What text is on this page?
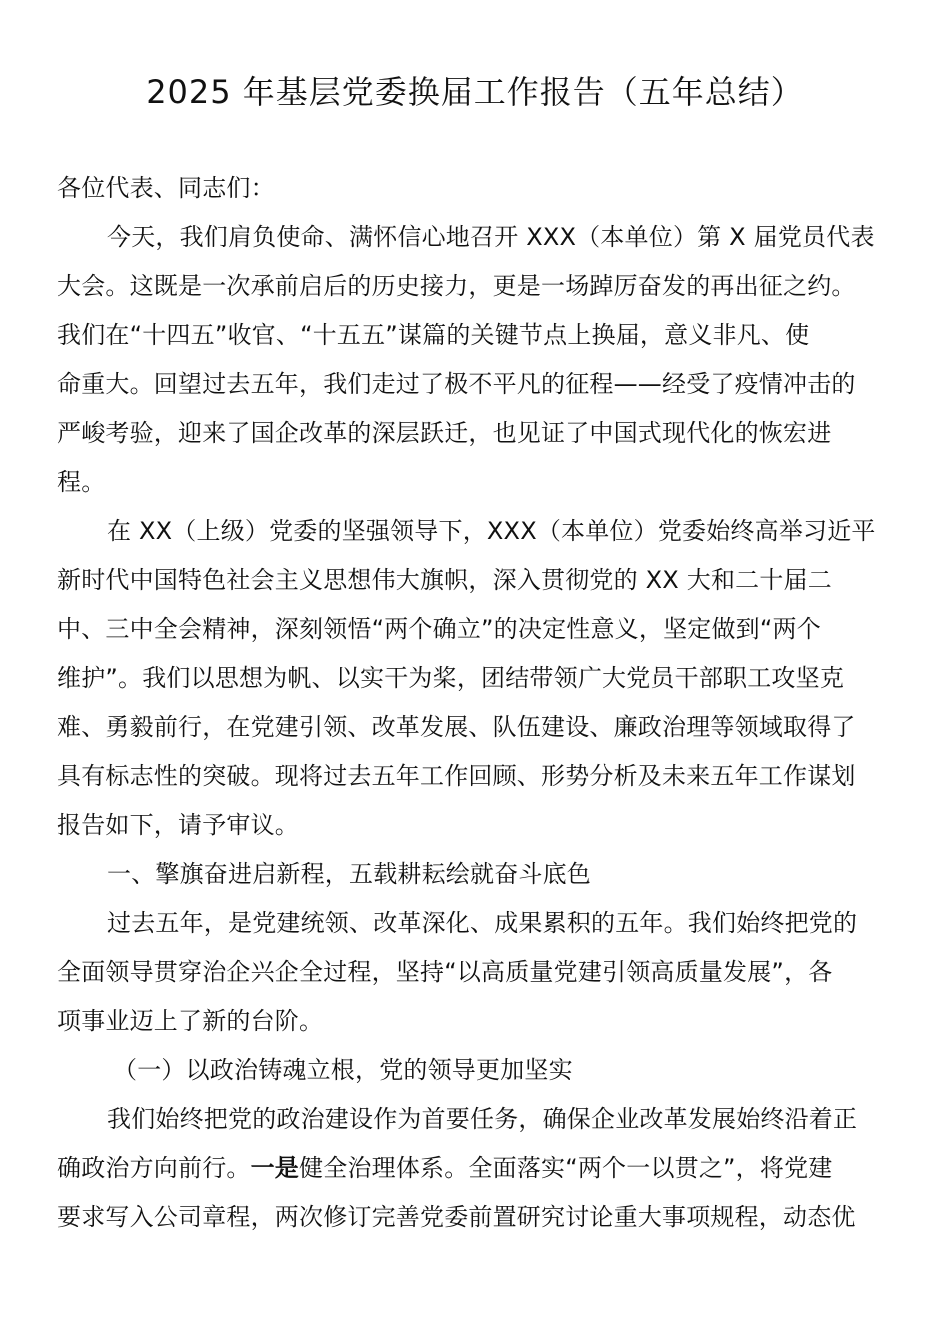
2025 年基层党委换届工作报告（五年总结）
各位代表、同志们：
今天，我们肩负使命、满怀信心地召开 XXX（本单位）第 X 届党员代表
大会。这既是一次承前启后的历史接力，更是一场踔厉奋发的再出征之约。
我们在“十四五”收官、“十五五”谋篇的关键节点上换届，意义非凡、使
命重大。回望过去五年，我们走过了极不平凡的征程——经受了疫情冲击的
严峻考验，迎来了国企改革的深层跃迁，也见证了中国式现代化的恢宏进
程。
在 XX（上级）党委的坚强领导下，XXX（本单位）党委始终高举习近平
新时代中国特色社会主义思想伟大旗帜，深入贯彻党的 XX 大和二十届二
中、三中全会精神，深刻领悟“两个确立”的决定性意义，坚定做到“两个
维护”。我们以思想为帆、以实干为桨，团结带领广大党员干部职工攻坚克
难、勇毅前行，在党建引领、改革发展、队伍建设、廉政治理等领域取得了
具有标志性的突破。现将过去五年工作回顾、形势分析及未来五年工作谋划
报告如下，请予审议。
一、擎旗奋进启新程，五载耕耘绘就奋斗底色
过去五年，是党建统领、改革深化、成果累积的五年。我们始终把党的
全面领导贯穿治企兴企全过程，坚持“以高质量党建引领高质量发展”，各
项事业迈上了新的台阶。
（一）以政治铸魂立根，党的领导更加坚实
我们始终把党的政治建设作为首要任务，确保企业改革发展始终沿着正
确政治方向前行。一是健全治理体系。全面落实“两个一以贯之”，将党建
要求写入公司章程，两次修订完善党委前置研究讨论重大事项规程，动态优
